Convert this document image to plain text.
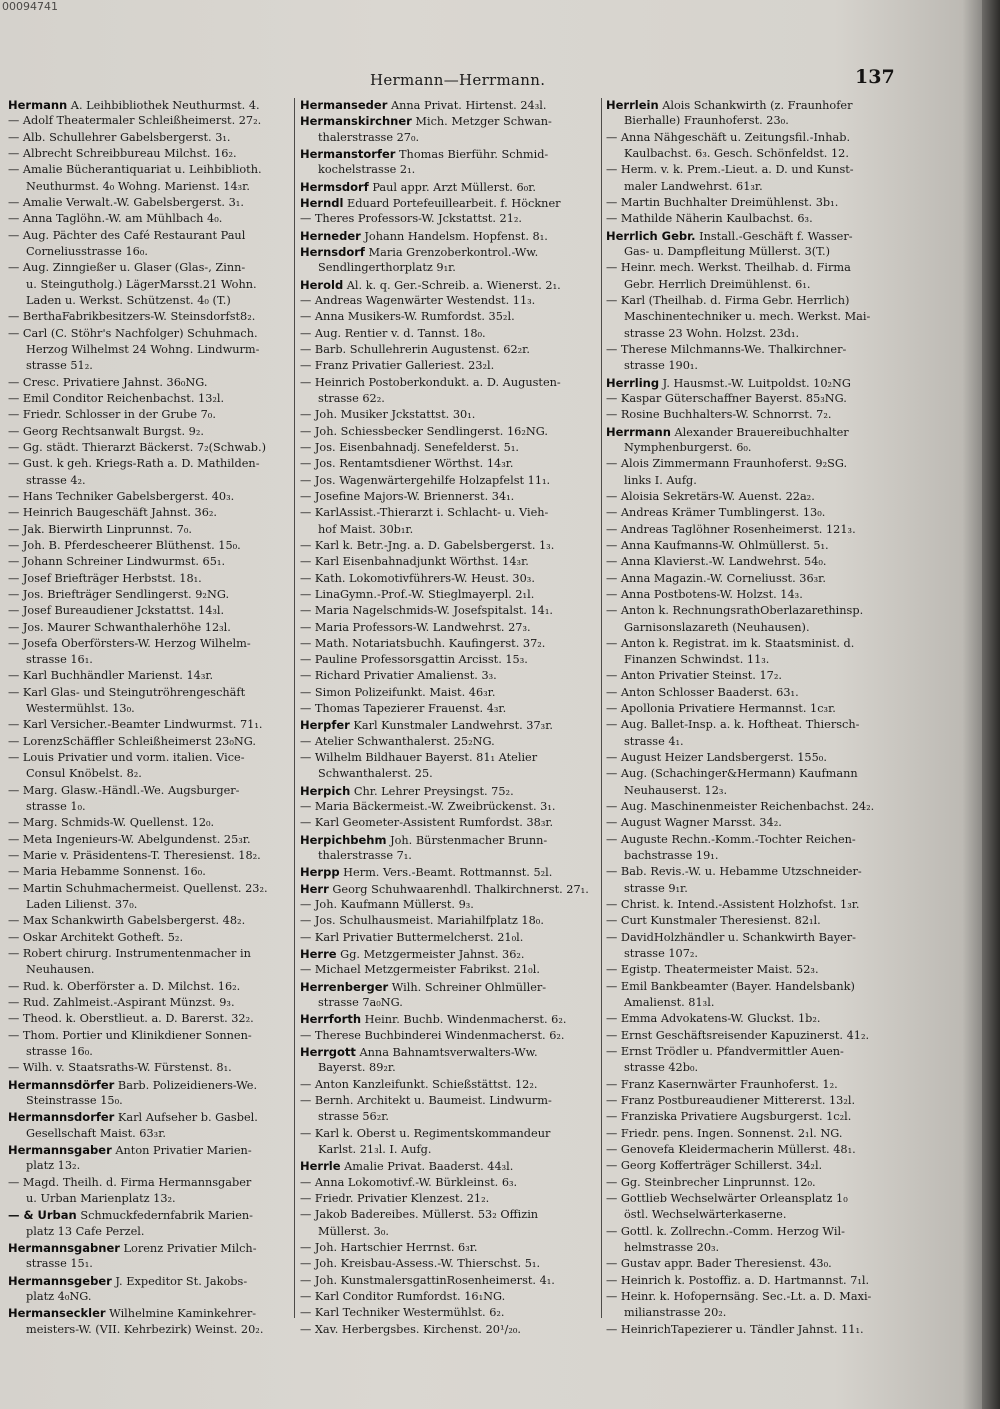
00094741
Hermann—Herrmann.	137
Hermann A. Leihbibliothek Neuthurmst. 4.
— Adolf Theatermaler Schleißheimerst. 27₂.
— Alb. Schullehrer Gabelsbergerst. 3₁.
— Albrecht Schreibbureau Milchst. 16₂.
— Amalie Bücherantiquariat u. Leihbiblioth.
Neuthurmst. 4₀ Wohng. Marienst. 14₃r.
— Amalie Verwalt.-W. Gabelsbergerst. 3₁.
— Anna Taglöhn.-W. am Mühlbach 4₀.
— Aug. Pächter des Café Restaurant Paul
Corneliusstrasse 16₀.
— Aug. Zinngießer u. Glaser (Glas-, Zinn-
u. Steingutholg.) LägerMarsst.21 Wohn.
Laden u. Werkst. Schützenst. 4₀ (T.)
— BerthaFabrikbesitzers-W. Steinsdorfst8₂.
— Carl (C. Stöhr's Nachfolger) Schuhmach.
Herzog Wilhelmst 24 Wohng. Lindwurm-
strasse 51₂.
— Cresc. Privatiere Jahnst. 36₀NG.
— Emil Conditor Reichenbachst. 13₂l.
— Friedr. Schlosser in der Grube 7₀.
— Georg Rechtsanwalt Burgst. 9₂.
— Gg. städt. Thierarzt Bäckerst. 7₂(Schwab.)
— Gust. k geh. Kriegs-Rath a. D. Mathilden-
strasse 4₂.
— Hans Techniker Gabelsbergerst. 40₃.
— Heinrich Baugeschäft Jahnst. 36₂.
— Jak. Bierwirth Linprunnst. 7₀.
— Joh. B. Pferdescheerer Blüthenst. 15₀.
— Johann Schreiner Lindwurmst. 65₁.
— Josef Briefträger Herbstst. 18₁.
— Jos. Briefträger Sendlingerst. 9₂NG.
— Josef Bureaudiener Jckstattst. 14₃l.
— Jos. Maurer Schwanthalerhöhe 12₃l.
— Josefa Oberförsters-W. Herzog Wilhelm-
strasse 16₁.
— Karl Buchhändler Marienst. 14₃r.
— Karl Glas- und Steingutröhrengeschäft
Westermühlst. 13₀.
— Karl Versicher.-Beamter Lindwurmst. 71₁.
— LorenzSchäffler Schleißheimerst 23₀NG.
— Louis Privatier und vorm. italien. Vice-
Consul Knöbelst. 8₂.
— Marg. Glasw.-Händl.-We. Augsburger-
strasse 1₀.
— Marg. Schmids-W. Quellenst. 12₀.
— Meta Ingenieurs-W. Abelgundenst. 25₃r.
— Marie v. Präsidentens-T. Theresienst. 18₂.
— Maria Hebamme Sonnenst. 16₀.
— Martin Schuhmachermeist. Quellenst. 23₂.
Laden Lilienst. 37₀.
— Max Schankwirth Gabelsbergerst. 48₂.
— Oskar Architekt Gotheft. 5₂.
— Robert chirurg. Instrumentenmacher in
Neuhausen.
— Rud. k. Oberförster a. D. Milchst. 16₂.
— Rud. Zahlmeist.-Aspirant Münzst. 9₃.
— Theod. k. Oberstlieut. a. D. Barerst. 32₂.
— Thom. Portier und Klinikdiener Sonnen-
strasse 16₀.
— Wilh. v. Staatsraths-W. Fürstenst. 8₁.
Hermannsdörfer Barb. Polizeidieners-We.
Steinstrasse 15₀.
Hermannsdorfer Karl Aufseher b. Gasbel.
Gesellschaft Maist. 63₃r.
Hermannsgaber Anton Privatier Marien-
platz 13₂.
— Magd. Theilh. d. Firma Hermannsgaber
u. Urban Marienplatz 13₂.
— & Urban Schmuckfedernfabrik Marien-
platz 13 Cafe Perzel.
Hermannsgabner Lorenz Privatier Milch-
strasse 15₁.
Hermannsgeber J. Expeditor St. Jakobs-
platz 4₀NG.
Hermanseckler Wilhelmine Kaminkehrer-
meisters-W. (VII. Kehrbezirk) Weinst. 20₂.
Hermanseder Anna Privat. Hirtenst. 24₃l.
Hermanskirchner Mich. Metzger Schwan-
thalerstrasse 27₀.
Hermanstorfer Thomas Bierführ. Schmid-
kochelstrasse 2₁.
Hermsdorf Paul appr. Arzt Müllerst. 6₀r.
Herndl Eduard Portefeuillearbeit. f. Höckner
— Theres Professors-W. Jckstattst. 21₂.
Herneder Johann Handelsm. Hopfenst. 8₁.
Hernsdorf Maria Grenzoberkontrol.-Ww.
Sendlingerthorplatz 9₁r.
Herold Al. k. q. Ger.-Schreib. a. Wienerst. 2₁.
— Andreas Wagenwärter Westendst. 11₃.
— Anna Musikers-W. Rumfordst. 35₂l.
— Aug. Rentier v. d. Tannst. 18₀.
— Barb. Schullehrerin Augustenst. 62₂r.
— Franz Privatier Galleriest. 23₂l.
— Heinrich Postoberkondukt. a. D. Augusten-
strasse 62₂.
— Joh. Musiker Jckstattst. 30₁.
— Joh. Schiessbecker Sendlingerst. 16₂NG.
— Jos. Eisenbahnadj. Senefelderst. 5₁.
— Jos. Rentamtsdiener Wörthst. 14₃r.
— Jos. Wagenwärtergehilfe Holzapfelst 11₁.
— Josefine Majors-W. Briennerst. 34₁.
— KarlAssist.-Thierarzt i. Schlacht- u. Vieh-
hof Maist. 30b₁r.
— Karl k. Betr.-Jng. a. D. Gabelsbergerst. 1₃.
— Karl Eisenbahnadjunkt Wörthst. 14₃r.
— Kath. Lokomotivführers-W. Heust. 30₃.
— LinaGymn.-Prof.-W. Stieglmayerpl. 2₁l.
— Maria Nagelschmids-W. Josefspitalst. 14₁.
— Maria Professors-W. Landwehrst. 27₃.
— Math. Notariatsbuchh. Kaufingerst. 37₂.
— Pauline Professorsgattin Arcisst. 15₃.
— Richard Privatier Amalienst. 3₃.
— Simon Polizeifunkt. Maist. 46₃r.
— Thomas Tapezierer Frauenst. 4₃r.
Herpfer Karl Kunstmaler Landwehrst. 37₃r.
— Atelier Schwanthalerst. 25₂NG.
— Wilhelm Bildhauer Bayerst. 81₁ Atelier
Schwanthalerst. 25.
Herpich Chr. Lehrer Preysingst. 75₂.
— Maria Bäckermeist.-W. Zweibrückenst. 3₁.
— Karl Geometer-Assistent Rumfordst. 38₃r.
Herpichbehm Joh. Bürstenmacher Brunn-
thalerstrasse 7₁.
Herpp Herm. Vers.-Beamt. Rottmannst. 5₂l.
Herr Georg Schuhwaarenhdl. Thalkirchnerst. 27₁.
— Joh. Kaufmann Müllerst. 9₃.
— Jos. Schulhausmeist. Mariahilfplatz 18₀.
— Karl Privatier Buttermelcherst. 21₀l.
Herre Gg. Metzgermeister Jahnst. 36₂.
— Michael Metzgermeister Fabrikst. 21₀l.
Herrenberger Wilh. Schreiner Ohlmüller-
strasse 7a₀NG.
Herrforth Heinr. Buchb. Windenmacherst. 6₂.
— Therese Buchbinderei Windenmacherst. 6₂.
Herrgott Anna Bahnamtsverwalters-Ww.
Bayerst. 89₂r.
— Anton Kanzleifunkt. Schießstättst. 12₂.
— Bernh. Architekt u. Baumeist. Lindwurm-
strasse 56₂r.
— Karl k. Oberst u. Regimentskommandeur
Karlst. 21₃l. I. Aufg.
Herrle Amalie Privat. Baaderst. 44₃l.
— Anna Lokomotivf.-W. Bürkleinst. 6₃.
— Friedr. Privatier Klenzest. 21₂.
— Jakob Badereibes. Müllerst. 53₂ Offizin
Müllerst. 3₀.
— Joh. Hartschier Herrnst. 6₃r.
— Joh. Kreisbau-Assess.-W. Thierschst. 5₁.
— Joh. KunstmalersgattinRosenheimerst. 4₁.
— Karl Conditor Rumfordst. 16₁NG.
— Karl Techniker Westermühlst. 6₂.
— Xav. Herbergsbes. Kirchenst. 20¹/₂₀.
Herrlein Alois Schankwirth (z. Fraunhofer
Bierhalle) Fraunhoferst. 23₀.
— Anna Nähgeschäft u. Zeitungsfil.-Inhab.
Kaulbachst. 6₃. Gesch. Schönfeldst. 12.
— Herm. v. k. Prem.-Lieut. a. D. und Kunst-
maler Landwehrst. 61₃r.
— Martin Buchhalter Dreimühlenst. 3b₁.
— Mathilde Näherin Kaulbachst. 6₃.
Herrlich Gebr. Install.-Geschäft f. Wasser-
Gas- u. Dampfleitung Müllerst. 3(T.)
— Heinr. mech. Werkst. Theilhab. d. Firma
Gebr. Herrlich Dreimühlenst. 6₁.
— Karl (Theilhab. d. Firma Gebr. Herrlich)
Maschinentechniker u. mech. Werkst. Mai-
strasse 23 Wohn. Holzst. 23d₁.
— Therese Milchmanns-We. Thalkirchner-
strasse 190₁.
Herrling J. Hausmst.-W. Luitpoldst. 10₂NG
— Kaspar Güterschaffner Bayerst. 85₃NG.
— Rosine Buchhalters-W. Schnorrst. 7₂.
Herrmann Alexander Brauereibuchhalter
Nymphenburgerst. 6₀.
— Alois Zimmermann Fraunhoferst. 9₂SG.
links I. Aufg.
— Aloisia Sekretärs-W. Auenst. 22a₂.
— Andreas Krämer Tumblingerst. 13₀.
— Andreas Taglöhner Rosenheimerst. 121₃.
— Anna Kaufmanns-W. Ohlmüllerst. 5₁.
— Anna Klavierst.-W. Landwehrst. 54₀.
— Anna Magazin.-W. Corneliusst. 36₃r.
— Anna Postbotens-W. Holzst. 14₃.
— Anton k. RechnungsrathOberlazarethinsp.
Garnisonslazareth (Neuhausen).
— Anton k. Registrat. im k. Staatsminist. d.
Finanzen Schwindst. 11₃.
— Anton Privatier Steinst. 17₂.
— Anton Schlosser Baaderst. 63₁.
— Apollonia Privatiere Hermannst. 1c₃r.
— Aug. Ballet-Insp. a. k. Hoftheat. Thiersch-
strasse 4₁.
— August Heizer Landsbergerst. 155₀.
— Aug. (Schachinger&Hermann) Kaufmann
Neuhauserst. 12₃.
— Aug. Maschinenmeister Reichenbachst. 24₂.
— August Wagner Marsst. 34₂.
— Auguste Rechn.-Komm.-Tochter Reichen-
bachstrasse 19₁.
— Bab. Revis.-W. u. Hebamme Utzschneider-
strasse 9₁r.
— Christ. k. Intend.-Assistent Holzhofst. 1₃r.
— Curt Kunstmaler Theresienst. 82₁l.
— DavidHolzhändler u. Schankwirth Bayer-
strasse 107₂.
— Egistp. Theatermeister Maist. 52₃.
— Emil Bankbeamter (Bayer. Handelsbank)
Amalienst. 81₃l.
— Emma Advokatens-W. Gluckst. 1b₂.
— Ernst Geschäftsreisender Kapuzinerst. 41₂.
— Ernst Trödler u. Pfandvermittler Auen-
strasse 42b₀.
— Franz Kasernwärter Fraunhoferst. 1₂.
— Franz Postbureaudiener Mittererst. 13₂l.
— Franziska Privatiere Augsburgerst. 1c₂l.
— Friedr. pens. Ingen. Sonnenst. 2₁l. NG.
— Genovefa Kleidermacherin Müllerst. 48₁.
— Georg Kofferträger Schillerst. 34₂l.
— Gg. Steinbrecher Linprunnst. 12₀.
— Gottlieb Wechselwärter Orleansplatz 1₀
östl. Wechselwärterkaserne.
— Gottl. k. Zollrechn.-Comm. Herzog Wil-
helmstrasse 20₃.
— Gustav appr. Bader Theresienst. 43₀.
— Heinrich k. Postoffiz. a. D. Hartmannst. 7₁l.
— Heinr. k. Hofopernsäng. Sec.-Lt. a. D. Maxi-
milianstrasse 20₂.
— HeinrichTapezierer u. Tändler Jahnst. 11₁.
